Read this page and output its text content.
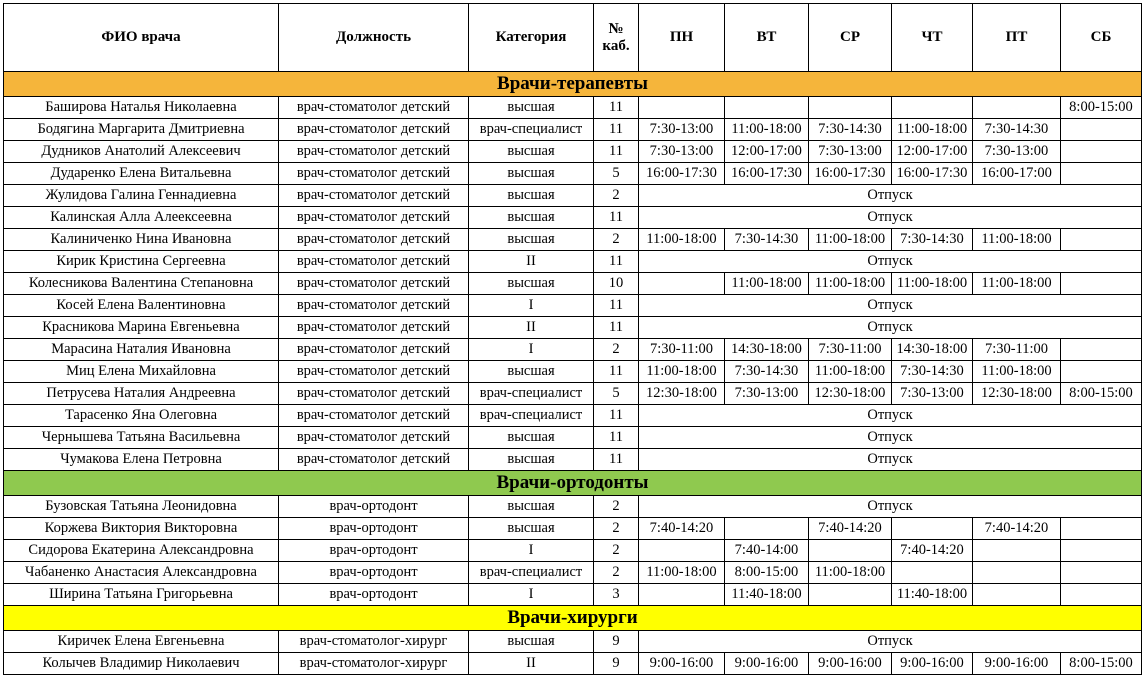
ФИО врача	Должность	Категория	№ каб.	ПН	ВТ	СР	ЧТ	ПТ	СБ
Врачи-терапевты									
Баширова Наталья Николаевна	врач-стоматолог детский	высшая	11						8:00-15:00
Бодягина Маргарита Дмитриевна	врач-стоматолог детский	врач-специалист	11	7:30-13:00	11:00-18:00	7:30-14:30	11:00-18:00	7:30-14:30	
Дудников Анатолий Алексеевич	врач-стоматолог детский	высшая	11	7:30-13:00	12:00-17:00	7:30-13:00	12:00-17:00	7:30-13:00	
Дударенко Елена Витальевна	врач-стоматолог детский	высшая	5	16:00-17:30	16:00-17:30	16:00-17:30	16:00-17:30	16:00-17:00	
Жулидова Галина Геннадиевна	врач-стоматолог детский	высшая	2	Отпуск					
Калинская Алла Алеексеевна	врач-стоматолог детский	высшая	11	Отпуск					
Калиниченко Нина Ивановна	врач-стоматолог детский	высшая	2	11:00-18:00	7:30-14:30	11:00-18:00	7:30-14:30	11:00-18:00	
Кирик Кристина Сергеевна	врач-стоматолог детский	II	11	Отпуск					
Колесникова Валентина Степановна	врач-стоматолог детский	высшая	10		11:00-18:00	11:00-18:00	11:00-18:00	11:00-18:00	
Косей Елена Валентиновна	врач-стоматолог детский	I	11	Отпуск					
Красникова Марина Евгеньевна	врач-стоматолог детский	II	11	Отпуск					
Марасина Наталия Ивановна	врач-стоматолог детский	I	2	7:30-11:00	14:30-18:00	7:30-11:00	14:30-18:00	7:30-11:00	
Миц Елена Михайловна	врач-стоматолог детский	высшая	11	11:00-18:00	7:30-14:30	11:00-18:00	7:30-14:30	11:00-18:00	
Петрусева Наталия Андреевна	врач-стоматолог детский	врач-специалист	5	12:30-18:00	7:30-13:00	12:30-18:00	7:30-13:00	12:30-18:00	8:00-15:00
Тарасенко Яна Олеговна	врач-стоматолог детский	врач-специалист	11	Отпуск					
Чернышева Татьяна Васильевна	врач-стоматолог детский	высшая	11	Отпуск					
Чумакова Елена Петровна	врач-стоматолог детский	высшая	11	Отпуск					
Врачи-ортодонты									
Бузовская Татьяна Леонидовна	врач-ортодонт	высшая	2	Отпуск					
Коржева Виктория Викторовна	врач-ортодонт	высшая	2	7:40-14:20		7:40-14:20		7:40-14:20	
Сидорова Екатерина Александровна	врач-ортодонт	I	2		7:40-14:00		7:40-14:20		
Чабаненко Анастасия Александровна	врач-ортодонт	врач-специалист	2	11:00-18:00	8:00-15:00	11:00-18:00			
Ширина Татьяна Григорьевна	врач-ортодонт	I	3		11:40-18:00		11:40-18:00		
Врачи-хирурги									
Киричек Елена Евгеньевна	врач-стоматолог-хирург	высшая	9	Отпуск					
Колычев Владимир Николаевич	врач-стоматолог-хирург	II	9	9:00-16:00	9:00-16:00	9:00-16:00	9:00-16:00	9:00-16:00	8:00-15:00
